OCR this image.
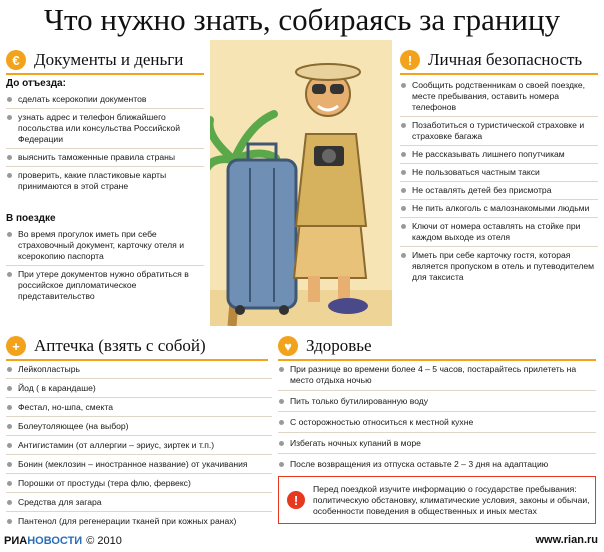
Что нужно знать, собираясь за границу
€ Документы и деньги
До отъезда:
сделать ксерокопии документов
узнать адрес и телефон ближайшего посольства или консульства Российской Федерации
выяснить таможенные правила страны
проверить, какие пластиковые карты принимаются в этой стране
В поездке
Во время прогулок иметь при себе страховочный документ, карточку отеля и ксерокопию паспорта
При утере документов нужно обратиться в российское дипломатическое представительство
! Личная безопасность
Сообщить родственникам о своей поездке, месте пребывания, оставить номера телефонов
Позаботиться о туристической страховке и страховке багажа
Не рассказывать лишнего попутчикам
Не пользоваться частным такси
Не оставлять детей без присмотра
Не пить алкоголь с малознакомыми людьми
Ключи от номера оставлять на стойке при каждом выходе из отеля
Иметь при себе карточку гостя, которая является пропуском в отель и путеводителем для таксиста
+ Аптечка (взять с собой)
Лейкопластырь
Йод ( в карандаше)
Фестал, но-шпа, смекта
Болеутоляющее (на выбор)
Антигистамин (от аллергии – эриус, зиртек и т.п.)
Бонин (меклозин – иностранное название) от укачивания
Порошки от простуды (тера флю, фервекс)
Средства для загара
Пантенол (для регенерации тканей при кожных ранах)
♥ Здоровье
При разнице во времени более 4 – 5 часов, постарайтесь прилететь на место отдыха ночью
Пить только бутилированную воду
С осторожностью относиться к местной кухне
Избегать ночных купаний в море
После возвращения из отпуска оставьте 2 – 3 дня на адаптацию
!
Перед поездкой изучите информацию о государстве пребывания: политическую обстановку, климатические условия, законы и обычаи, особенности поведения в общественных и иных местах
РИАНОВОСТИ © 2010	www.rian.ru
